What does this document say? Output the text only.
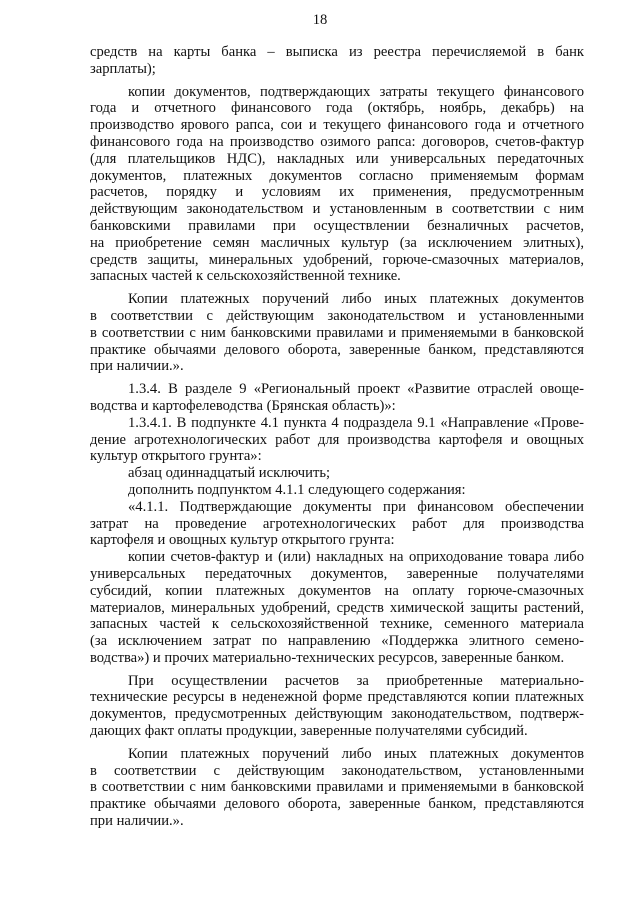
18
средств на карты банка – выписка из реестра перечисляемой в банк
зарплаты);
копии документов, подтверждающих затраты текущего финансового
года и отчетного финансового года (октябрь, ноябрь, декабрь) на
производство ярового рапса, сои и текущего финансового года и отчетного
финансового года на производство озимого рапса: договоров, счетов-фактур
(для плательщиков НДС), накладных или универсальных передаточных
документов, платежных документов согласно применяемым формам
расчетов, порядку и условиям их применения, предусмотренным
действующим законодательством и установленным в соответствии с ним
банковскими правилами при осуществлении безналичных расчетов,
на приобретение семян масличных культур (за исключением элитных),
средств защиты, минеральных удобрений, горюче-смазочных материалов,
запасных частей к сельскохозяйственной технике.
Копии платежных поручений либо иных платежных документов
в соответствии с действующим законодательством и установленными
в соответствии с ним банковскими правилами и применяемыми в банковской
практике обычаями делового оборота, заверенные банком, представляются
при наличии.».
1.3.4. В разделе 9 «Региональный проект «Развитие отраслей овоще-
водства и картофелеводства (Брянская область)»:
1.3.4.1. В подпункте 4.1 пункта 4 подраздела 9.1 «Направление «Прове-
дение агротехнологических работ для производства картофеля и овощных
культур открытого грунта»:
абзац одиннадцатый исключить;
дополнить подпунктом 4.1.1 следующего содержания:
«4.1.1. Подтверждающие документы при финансовом обеспечении
затрат на проведение агротехнологических работ для производства
картофеля и овощных культур открытого грунта:
копии счетов-фактур и (или) накладных на оприходование товара либо
универсальных передаточных документов, заверенные получателями
субсидий, копии платежных документов на оплату горюче-смазочных
материалов, минеральных удобрений, средств химической защиты растений,
запасных частей к сельскохозяйственной технике, семенного материала
(за исключением затрат по направлению «Поддержка элитного семено-
водства») и прочих материально-технических ресурсов, заверенные банком.
При осуществлении расчетов за приобретенные материально-
технические ресурсы в неденежной форме представляются копии платежных
документов, предусмотренных действующим законодательством, подтверж-
дающих факт оплаты продукции, заверенные получателями субсидий.
Копии платежных поручений либо иных платежных документов
в соответствии с действующим законодательством, установленными
в соответствии с ним банковскими правилами и применяемыми в банковской
практике обычаями делового оборота, заверенные банком, представляются
при наличии.».
